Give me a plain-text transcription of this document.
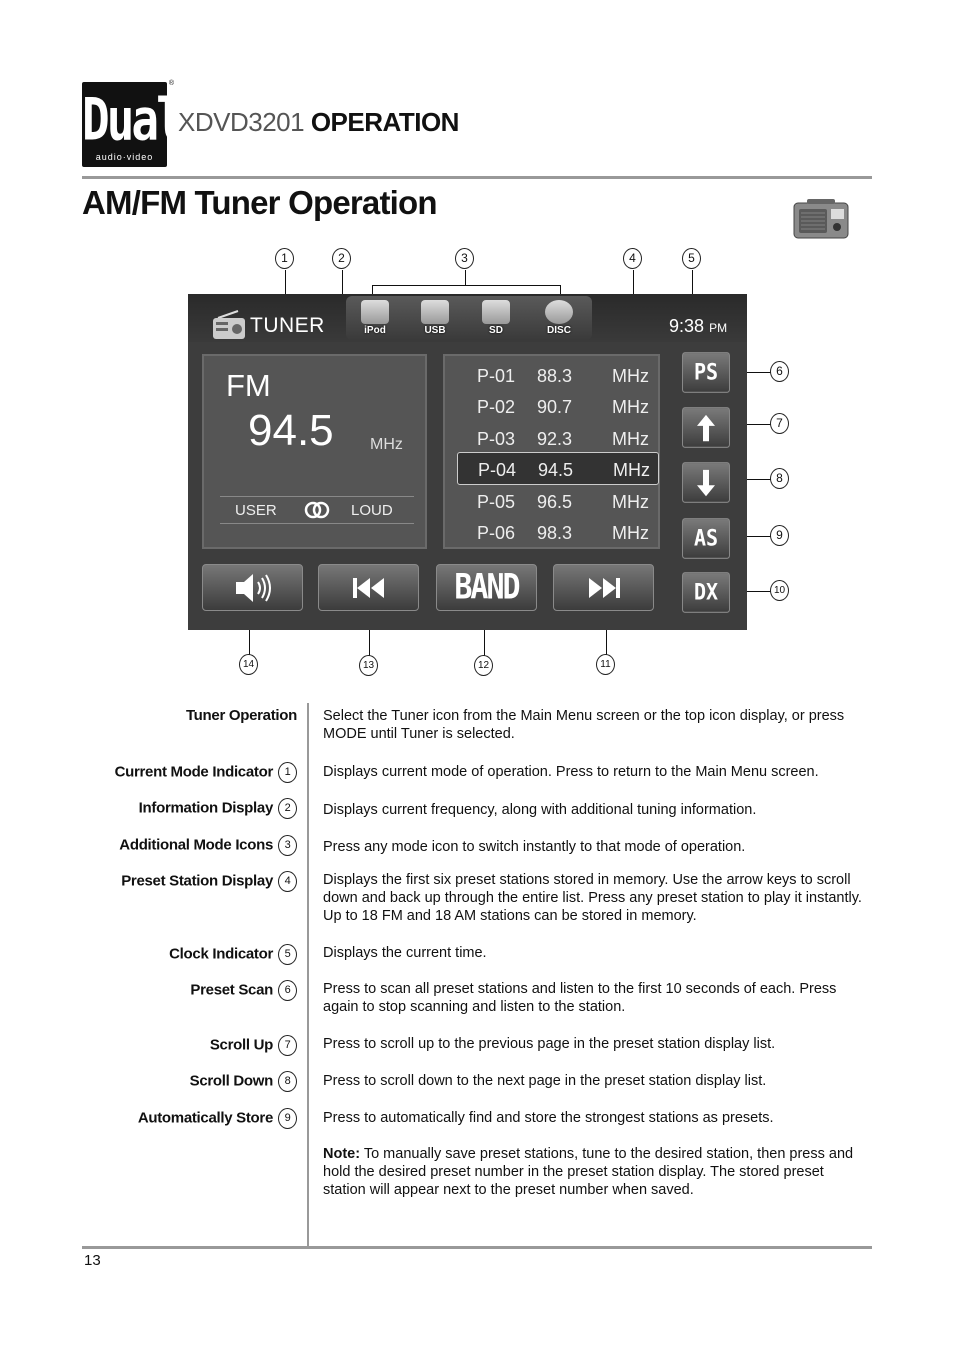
Dual
audio·video
®
XDVD3201 OPERATION
AM/FM Tuner Operation
TUNER	iPod	USB	SD	DISC	9:38 PM
FM
94.5 MHz
USER	LOUD
P-01 88.3 MHz
P-02 90.7 MHz
P-03 92.3 MHz
P-04 94.5 MHz
P-05 96.5 MHz
P-06 98.3 MHz
PS
AS
DX
BAND
1	2	3	4	5
6
7
8
9
10
11
12
13
14
Tuner Operation Select the Tuner icon from the Main Menu screen or the top icon display, or press MODE until Tuner is selected.
Current Mode Indicator 1	Displays current mode of operation. Press to return to the Main Menu screen.
Information Display 2	Displays current frequency, along with additional tuning information.
Additional Mode Icons 3	Press any mode icon to switch instantly to that mode of operation.
Preset Station Display 4	Displays the first six preset stations stored in memory. Use the arrow keys to scroll down and back up through the entire list. Press any preset station to play it instantly. Up to 18 FM and 18 AM stations can be stored in memory.
Clock Indicator 5	Displays the current time.
Preset Scan 6	Press to scan all preset stations and listen to the first 10 seconds of each. Press again to stop scanning and listen to the station.
Scroll Up 7	Press to scroll up to the previous page in the preset station display list.
Scroll Down 8	Press to scroll down to the next page in the preset station display list.
Automatically Store 9	Press to automatically find and store the strongest stations as presets.
Note: To manually save preset stations, tune to the desired station, then press and hold the desired preset number in the preset station display. The stored preset station will appear next to the preset number when saved.
13
